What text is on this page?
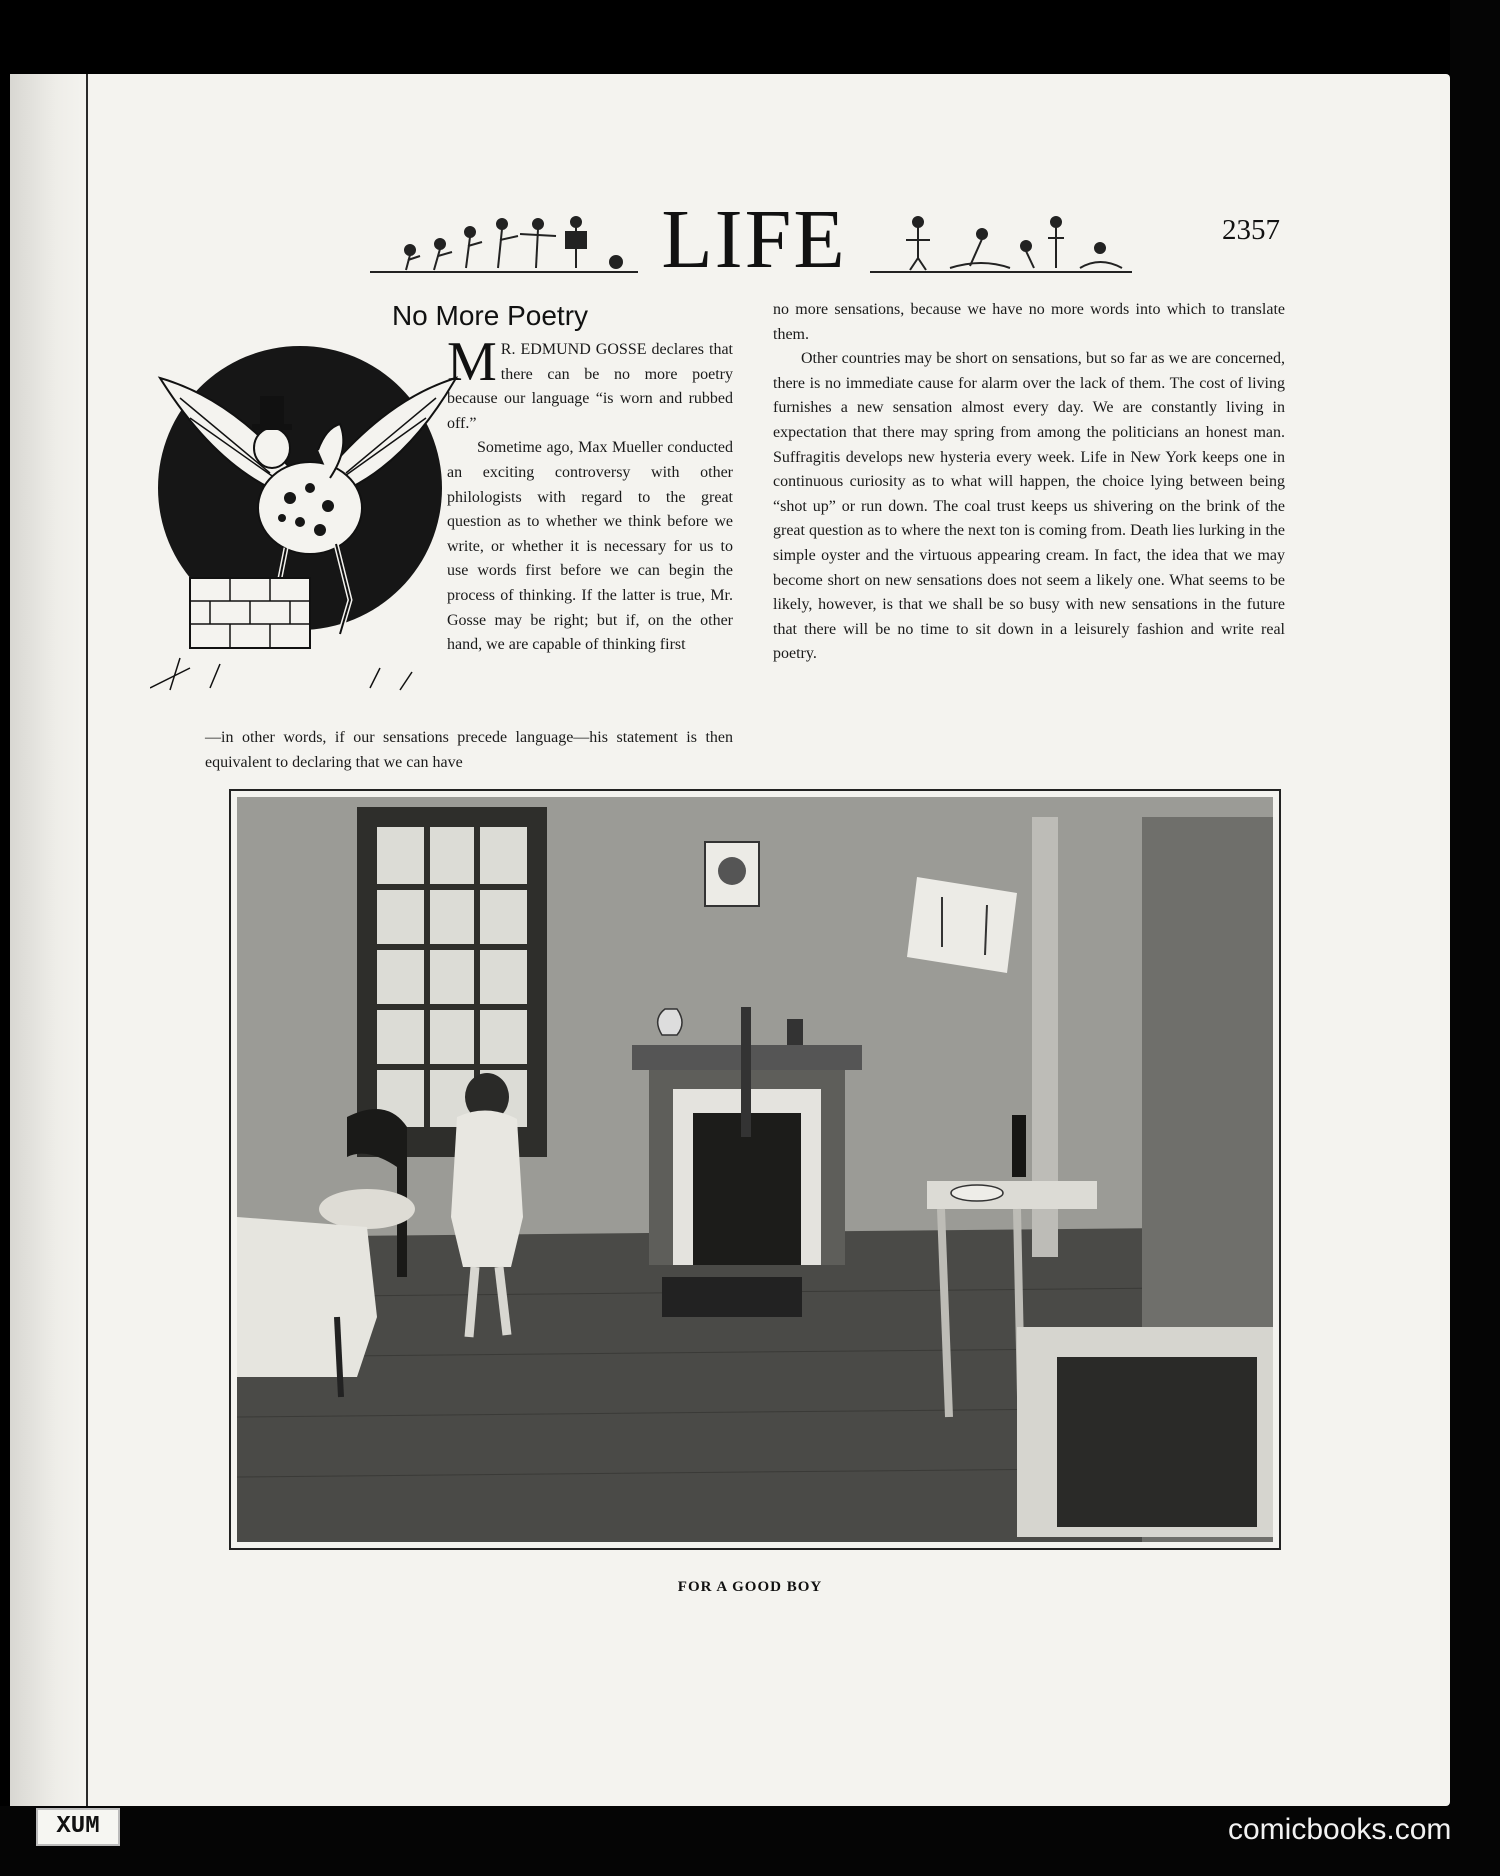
LIFE	2357
No More Poetry

M R. EDMUND GOSSE declares that there can be no more poetry because our language “is worn and rubbed off.”

Sometime ago, Max Mueller conducted an exciting controversy with other philologists with regard to the great question as to whether we think before we write, or whether it is necessary for us to use words first before we can begin the process of thinking. If the latter is true, Mr. Gosse may be right; but if, on the other hand, we are capable of thinking first

—in other words, if our sensations precede language—his statement is then equivalent to declaring that we can have

no more sensations, because we have no more words into which to translate them.

Other countries may be short on sensations, but so far as we are concerned, there is no immediate cause for alarm over the lack of them. The cost of living furnishes a new sensation almost every day. We are constantly living in expectation that there may spring from among the politicians an honest man. Suffragitis develops new hysteria every week. Life in New York keeps one in continuous curiosity as to what will happen, the choice lying between being “shot up” or run down. The coal trust keeps us shivering on the brink of the great question as to where the next ton is coming from. Death lies lurking in the simple oyster and the virtuous appearing cream. In fact, the idea that we may become short on new sensations does not seem a likely one. What seems to be likely, however, is that we shall be so busy with new sensations in the future that there will be no time to sit down in a leisurely fashion and write real poetry.

FOR A GOOD BOY
XUM	comicbooks.com
